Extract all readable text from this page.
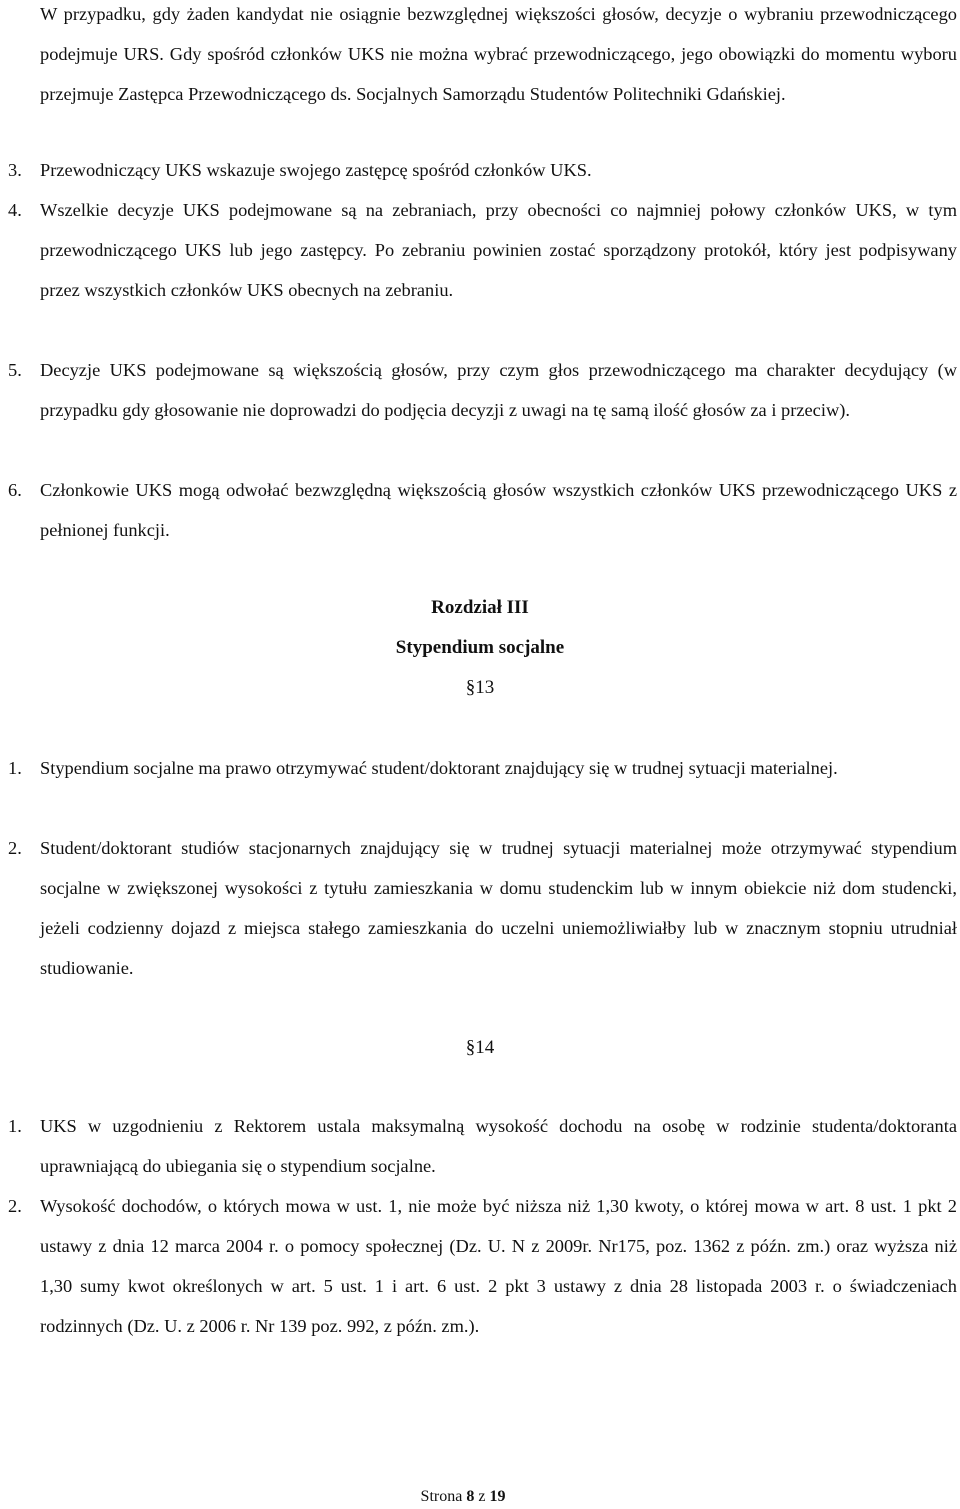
W przypadku, gdy żaden kandydat nie osiągnie bezwzględnej większości głosów, decyzje o wybraniu przewodniczącego podejmuje URS. Gdy spośród członków UKS nie można wybrać przewodniczącego, jego obowiązki do momentu wyboru przejmuje Zastępca Przewodniczącego ds. Socjalnych Samorządu Studentów Politechniki Gdańskiej.
3. Przewodniczący UKS wskazuje swojego zastępcę spośród członków UKS.
4. Wszelkie decyzje UKS podejmowane są na zebraniach, przy obecności co najmniej połowy członków UKS, w tym przewodniczącego UKS lub jego zastępcy. Po zebraniu powinien zostać sporządzony protokół, który jest podpisywany przez wszystkich członków UKS obecnych na zebraniu.
5. Decyzje UKS podejmowane są większością głosów, przy czym głos przewodniczącego ma charakter decydujący (w przypadku gdy głosowanie nie doprowadzi do podjęcia decyzji z uwagi na tę samą ilość głosów za i przeciw).
6. Członkowie UKS mogą odwołać bezwzględną większością głosów wszystkich członków UKS przewodniczącego UKS z pełnionej funkcji.
Rozdział III
Stypendium socjalne
§13
1. Stypendium socjalne ma prawo otrzymywać student/doktorant znajdujący się w trudnej sytuacji materialnej.
2. Student/doktorant studiów stacjonarnych znajdujący się w trudnej sytuacji materialnej może otrzymywać stypendium socjalne w zwiększonej wysokości z tytułu zamieszkania w domu studenckim lub w innym obiekcie niż dom studencki, jeżeli codzienny dojazd z miejsca stałego zamieszkania do uczelni uniemożliwiałby lub w znacznym stopniu utrudniał studiowanie.
§14
1. UKS w uzgodnieniu z Rektorem ustala maksymalną wysokość dochodu na osobę w rodzinie studenta/doktoranta uprawniającą do ubiegania się o stypendium socjalne.
2. Wysokość dochodów, o których mowa w ust. 1, nie może być niższa niż 1,30 kwoty, o której mowa w art. 8 ust. 1 pkt 2 ustawy z dnia 12 marca 2004 r. o pomocy społecznej (Dz. U. N z 2009r. Nr175, poz. 1362 z późn. zm.) oraz wyższa niż 1,30 sumy kwot określonych w art. 5 ust. 1 i art. 6 ust. 2 pkt 3 ustawy z dnia 28 listopada 2003 r. o świadczeniach rodzinnych (Dz. U. z 2006 r. Nr 139 poz. 992, z późn. zm.).
Strona 8 z 19
